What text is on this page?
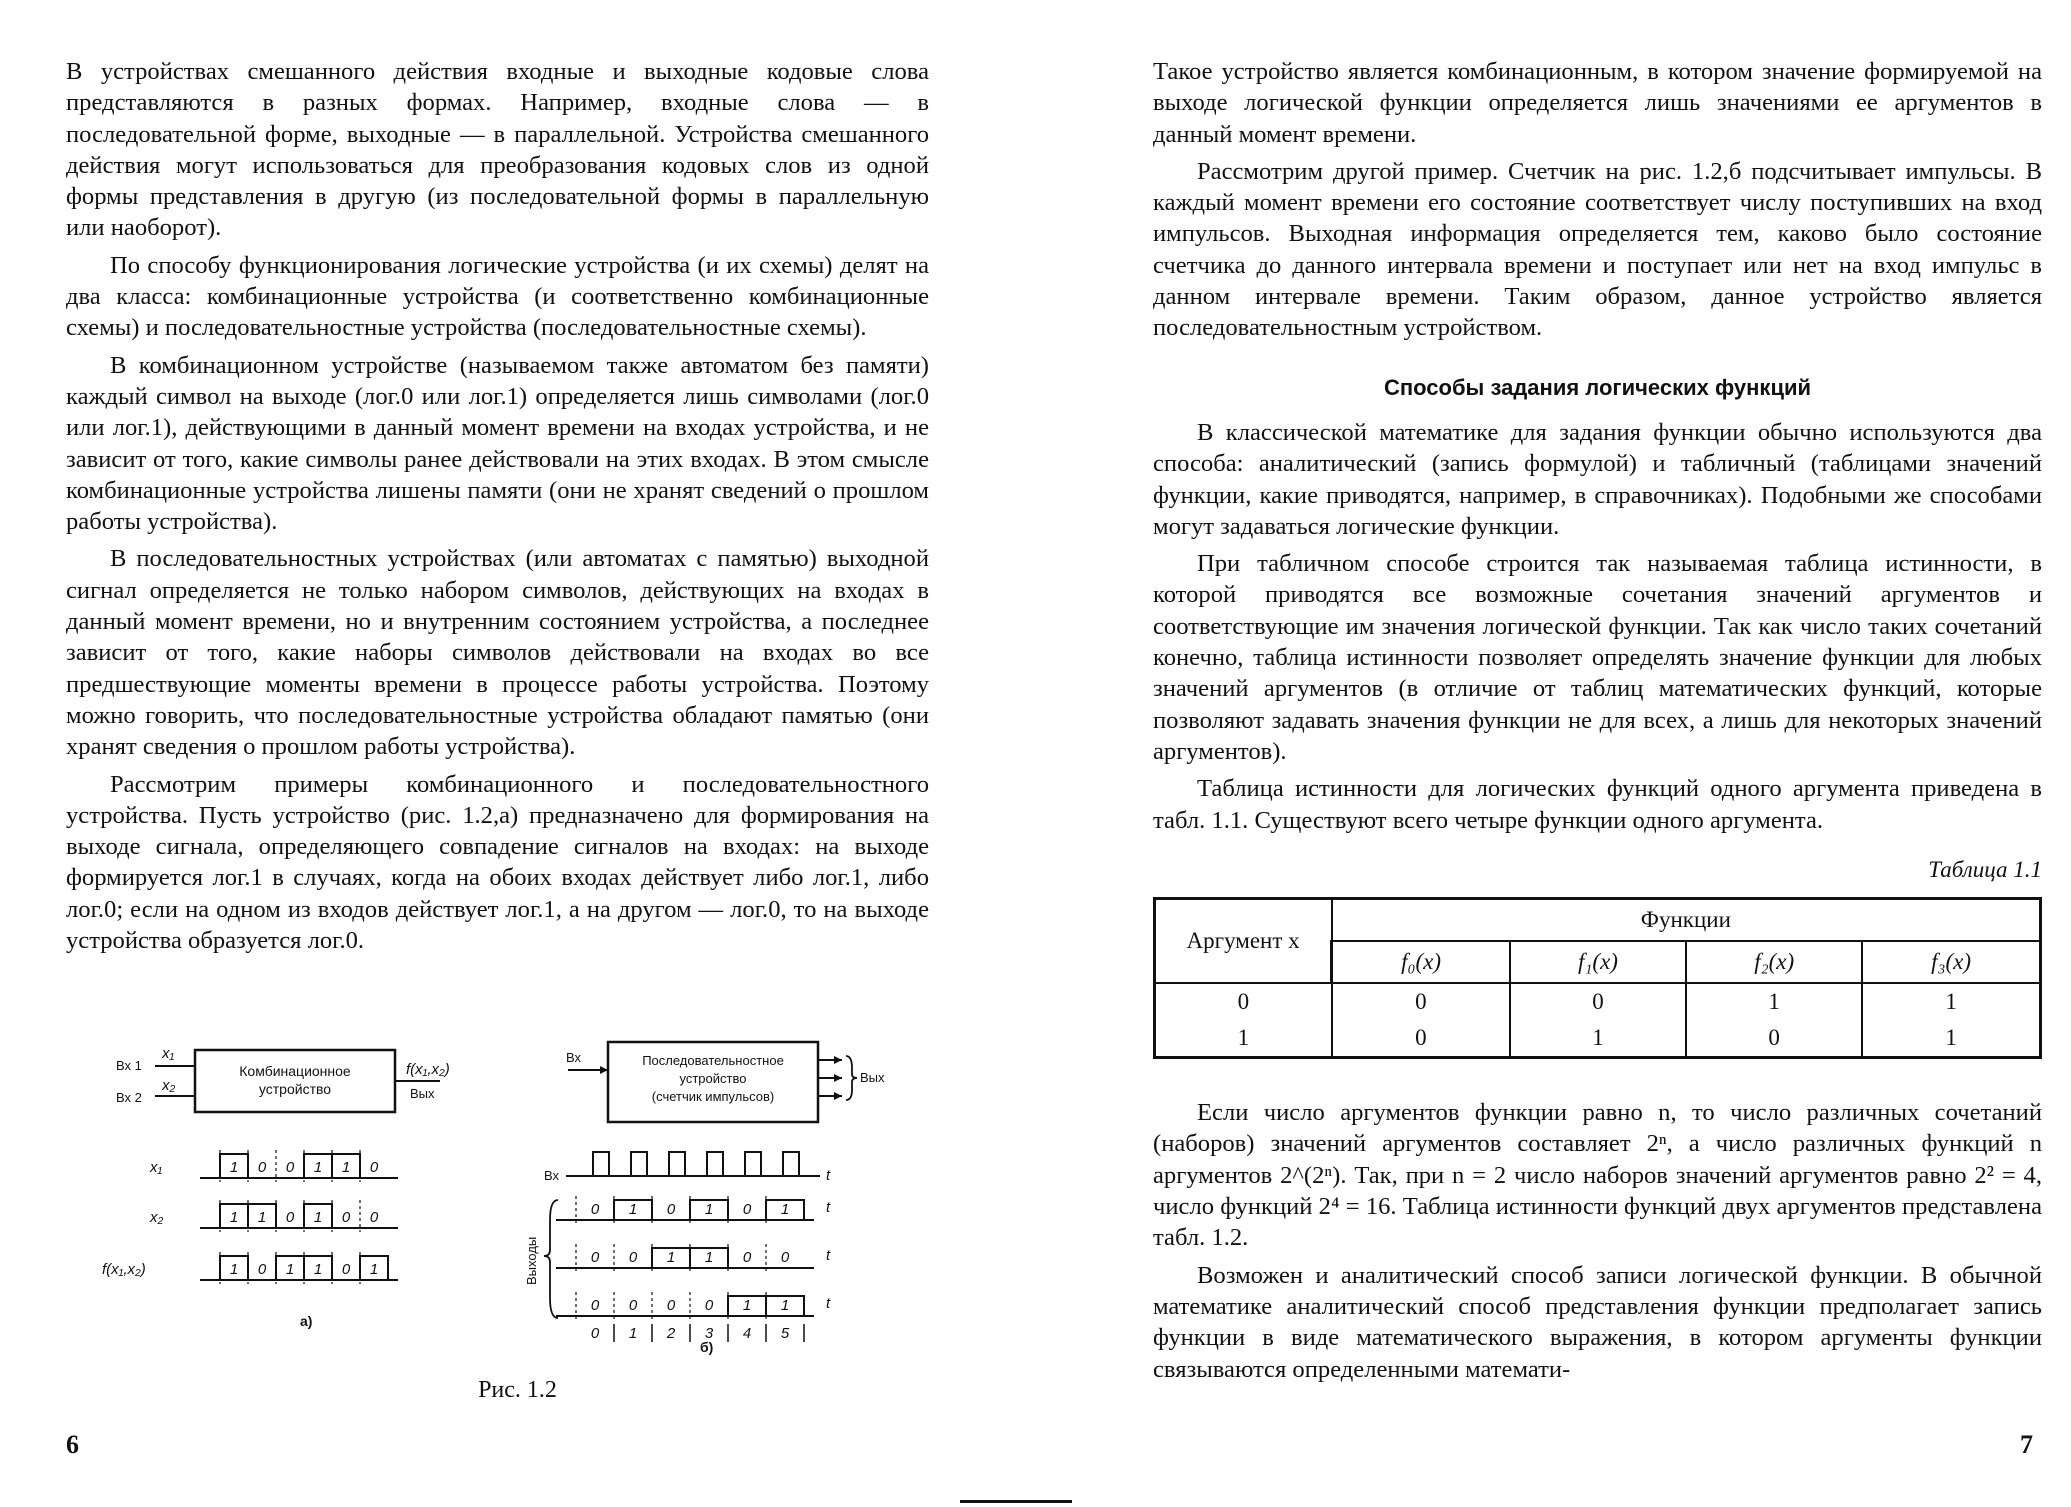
В устройствах смешанного действия входные и выходные кодовые слова представляются в разных формах. Например, входные слова — в последовательной форме, выходные — в параллельной. Устройства смешанного действия могут использоваться для преобразования кодовых слов из одной формы представления в другую (из последовательной формы в параллельную или наоборот).

По способу функционирования логические устройства (и их схемы) делят на два класса: комбинационные устройства (и соответственно комбинационные схемы) и последовательностные устройства (последовательностные схемы).

В комбинационном устройстве (называемом также автоматом без памяти) каждый символ на выходе (лог.0 или лог.1) определяется лишь символами (лог.0 или лог.1), действующими в данный момент времени на входах устройства, и не зависит от того, какие символы ранее действовали на этих входах. В этом смысле комбинационные устройства лишены памяти (они не хранят сведений о прошлом работы устройства).

В последовательностных устройствах (или автоматах с памятью) выходной сигнал определяется не только набором символов, действующих на входах в данный момент времени, но и внутренним состоянием устройства, а последнее зависит от того, какие наборы символов действовали на входах во все предшествующие моменты времени в процессе работы устройства. Поэтому можно говорить, что последовательностные устройства обладают памятью (они хранят сведения о прошлом работы устройства).

Рассмотрим примеры комбинационного и последовательностного устройства. Пусть устройство (рис. 1.2,а) предназначено для формирования на выходе сигнала, определяющего совпадение сигналов на входах: на выходе формируется лог.1 в случаях, когда на обоих входах действует либо лог.1, либо лог.0; если на одном из входов действует лог.1, а на другом — лог.0, то на выходе устройства образуется лог.0.

Комбинационное
устройство
Вх 1
Вх 2
x₁
x₂
f(x₁,x₂)
Вых
x₁
x₂
f(x₁,x₂)
1 0 0 1 1 0
1 1 0 1 0 0
1 0 1 1 0 1
а)
Последовательностное
устройство
(счетчик импульсов)
Вх
Вых
Вх
Выходы
t
0 1 0 1 0 1
0 0 1 1 0 0
0 0 0 0 1 1
t
t
t
0 1 2 3 4 5
б)
Рис. 1.2
6

Такое устройство является комбинационным, в котором значение формируемой на выходе логической функции определяется лишь значениями ее аргументов в данный момент времени.

Рассмотрим другой пример. Счетчик на рис. 1.2,б подсчитывает импульсы. В каждый момент времени его состояние соответствует числу поступивших на вход импульсов. Выходная информация определяется тем, каково было состояние счетчика до данного интервала времени и поступает или нет на вход импульс в данном интервале времени. Таким образом, данное устройство является последовательностным устройством.

Способы задания логических функций

В классической математике для задания функции обычно используются два способа: аналитический (запись формулой) и табличный (таблицами значений функции, какие приводятся, например, в справочниках). Подобными же способами могут задаваться логические функции.

При табличном способе строится так называемая таблица истинности, в которой приводятся все возможные сочетания значений аргументов и соответствующие им значения логической функции. Так как число таких сочетаний конечно, таблица истинности позволяет определять значение функции для любых значений аргументов (в отличие от таблиц математических функций, которые позволяют задавать значения функции не для всех, а лишь для некоторых значений аргументов).

Таблица истинности для логических функций одного аргумента приведена в табл. 1.1. Существуют всего четыре функции одного аргумента.

Таблица 1.1
Аргумент x	Функции			
	f₀(x)	f₁(x)	f₂(x)	f₃(x)
0	0	0	1	1
1	0	1	0	1

Если число аргументов функции равно n, то число различных сочетаний (наборов) значений аргументов составляет 2ⁿ, а число различных функций n аргументов 2^(2ⁿ). Так, при n = 2 число наборов значений аргументов равно 2² = 4, число функций 2⁴ = 16. Таблица истинности функций двух аргументов представлена табл. 1.2.

Возможен и аналитический способ записи логической функции. В обычной математике аналитический способ представления функции предполагает запись функции в виде математического выражения, в котором аргументы функции связываются определенными математи-

7
